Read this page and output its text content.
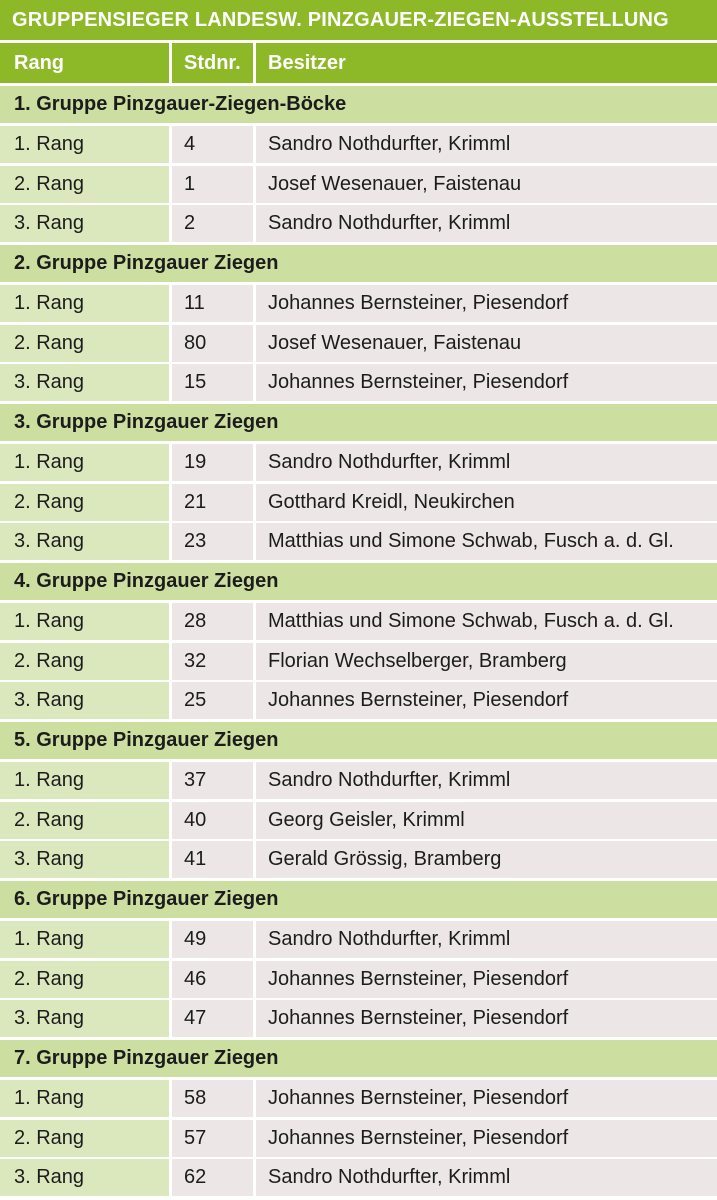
GRUPPENSIEGER LANDESW. PINZGAUER-ZIEGEN-AUSSTELLUNG
Rang	Stdnr.	Besitzer
1. Gruppe Pinzgauer-Ziegen-Böcke
1. Rang	4	Sandro Nothdurfter, Krimml
2. Rang	1	Josef Wesenauer, Faistenau
3. Rang	2	Sandro Nothdurfter, Krimml
2. Gruppe Pinzgauer Ziegen
1. Rang	11	Johannes Bernsteiner, Piesendorf
2. Rang	80	Josef Wesenauer, Faistenau
3. Rang	15	Johannes Bernsteiner, Piesendorf
3. Gruppe Pinzgauer Ziegen
1. Rang	19	Sandro Nothdurfter, Krimml
2. Rang	21	Gotthard Kreidl, Neukirchen
3. Rang	23	Matthias und Simone Schwab, Fusch a. d. Gl.
4. Gruppe Pinzgauer Ziegen
1. Rang	28	Matthias und Simone Schwab, Fusch a. d. Gl.
2. Rang	32	Florian Wechselberger, Bramberg
3. Rang	25	Johannes Bernsteiner, Piesendorf
5. Gruppe Pinzgauer Ziegen
1. Rang	37	Sandro Nothdurfter, Krimml
2. Rang	40	Georg Geisler, Krimml
3. Rang	41	Gerald Grössig, Bramberg
6. Gruppe Pinzgauer Ziegen
1. Rang	49	Sandro Nothdurfter, Krimml
2. Rang	46	Johannes Bernsteiner, Piesendorf
3. Rang	47	Johannes Bernsteiner, Piesendorf
7. Gruppe Pinzgauer Ziegen
1. Rang	58	Johannes Bernsteiner, Piesendorf
2. Rang	57	Johannes Bernsteiner, Piesendorf
3. Rang	62	Sandro Nothdurfter, Krimml
